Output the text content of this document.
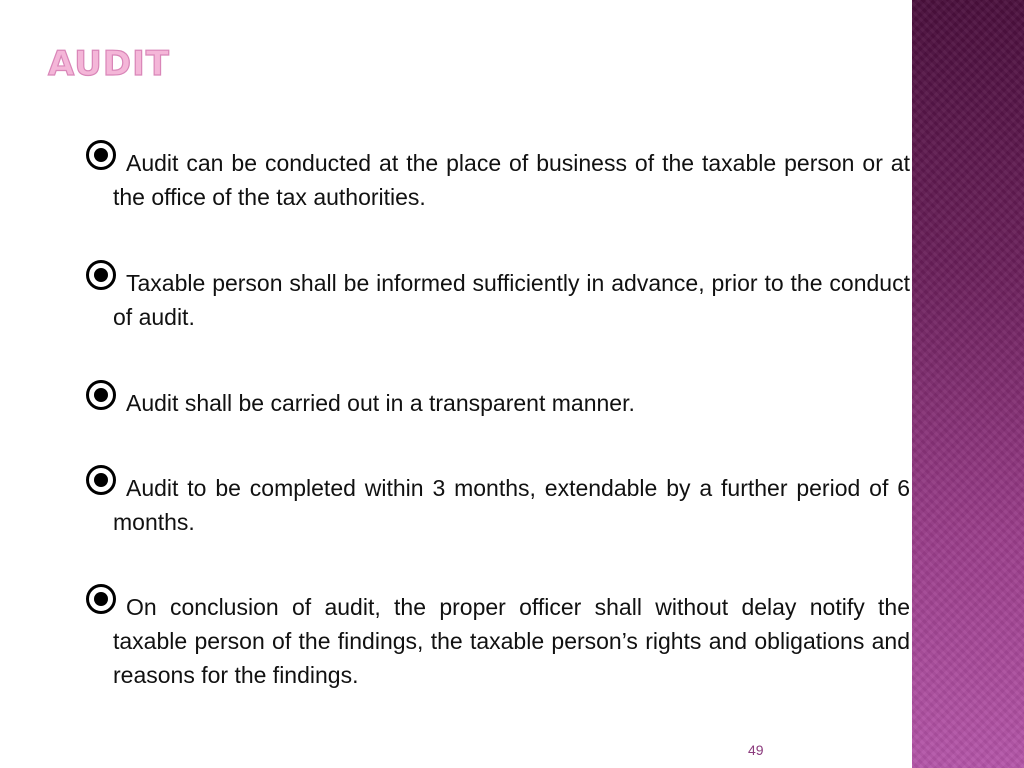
AUDIT
Audit can be conducted at the place of business of the taxable person or at the office of the tax authorities.
Taxable person shall be informed sufficiently in advance, prior to the conduct of audit.
Audit shall be carried out in a transparent manner.
Audit to be completed within 3 months, extendable by a further period of 6 months.
On conclusion of audit, the proper officer shall without delay notify the taxable person of the findings, the taxable person’s rights and obligations and reasons for the findings.
49
